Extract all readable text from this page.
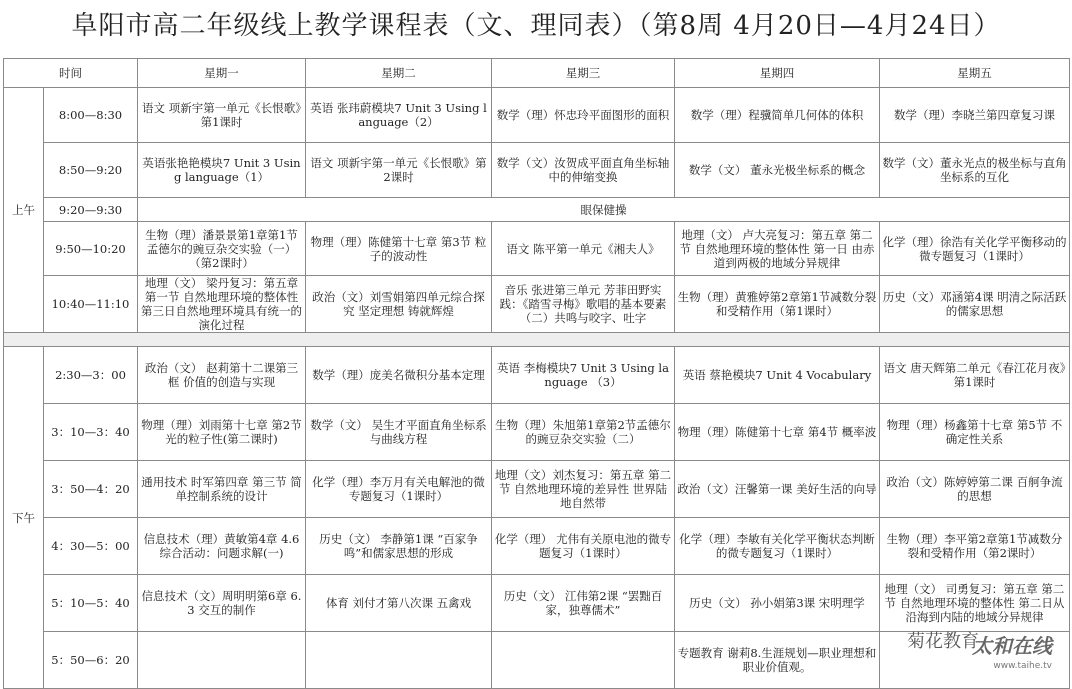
阜阳市高二年级线上教学课程表（文、理同表）（第8周 4月20日—4月24日）
时间		星期一	星期二	星期三	星期四	星期五
上午	8:00—8:30	语文 项新宇第一单元《长恨歌》第1课时	英语 张玮蔚模块7 Unit 3 Using language（2）	数学（理）怀忠玲平面图形的面积	数学（理）程骥简单几何体的体积	数学（理）李晓兰第四章复习课
	8:50—9:20	英语张艳艳模块7 Unit 3 Using language（1）	语文 项新宇第一单元《长恨歌》第2课时	数学（文）汝贺成平面直角坐标轴中的伸缩变换	数学（文） 董永光极坐标系的概念	数学（文）董永光点的极坐标与直角坐标系的互化
	9:20—9:30	眼保健操				
	9:50—10:20	生物（理）潘景景第1章第1节孟德尔的豌豆杂交实验（一）（第2课时）	物理（理）陈健第十七章 第3节 粒子的波动性	语文 陈平第一单元《湘夫人》	地理（文） 卢大亮复习：第五章 第二节 自然地理环境的整体性 第一日 由赤道到两极的地域分异规律	化学（理）徐浩有关化学平衡移动的微专题复习（1课时）
	10:40—11:10	地理（文） 梁丹复习：第五章 第一节 自然地理环境的整体性 第三日自然地理环境具有统一的演化过程	政治（文）刘雪娟第四单元综合探究 坚定理想 铸就辉煌	音乐 张进第三单元 芳菲田野实践：《踏雪寻梅》歌唱的基本要素（二）共鸣与咬字、吐字	生物（理）黄雅婷第2章第1节减数分裂和受精作用（第1课时）	历史（文）邓涵第4课 明清之际活跃的儒家思想

下午	2:30—3：00	政治（文） 赵莉第十二课第三框 价值的创造与实现	数学（理）庞美名微积分基本定理	英语 李梅模块7 Unit 3 Using language （3）	英语 蔡艳模块7 Unit 4 Vocabulary	语文 唐天辉第二单元《春江花月夜》第1课时
	3：10—3：40	物理（理）刘雨第十七章 第2节 光的粒子性(第二课时)	数学（文） 吴生才平面直角坐标系与曲线方程	生物（理）朱旭第1章第2节孟德尔的豌豆杂交实验（二）	物理（理）陈健第十七章 第4节 概率波	物理（理）杨鑫第十七章 第5节 不确定性关系
	3：50—4：20	通用技术 时军第四章 第三节 简单控制系统的设计	化学（理）李万月有关电解池的微专题复习（1课时）	地理（文）刘杰复习：第五章 第二节 自然地理环境的差异性 世界陆地自然带	政治（文）汪馨第一课 美好生活的向导	政治（文）陈婷婷第二课 百舸争流的思想
	4：30—5：00	信息技术（理）黄敏第4章 4.6 综合活动：问题求解(一)	历史（文） 李静第1课 “百家争鸣”和儒家思想的形成	化学（理） 尤伟有关原电池的微专题复习（1课时）	化学（理）李敏有关化学平衡状态判断的微专题复习（1课时）	生物（理）李平第2章第1节减数分裂和受精作用（第2课时）
	5：10—5：40	信息技术（文）周明明第6章 6.3 交互的制作	体育 刘付才第八次课 五禽戏	历史（文） 江伟第2课 “罢黜百家，独尊儒术”	历史（文） 孙小娟第3课 宋明理学	地理（文） 司勇复习：第五章 第二节 自然地理环境的整体性 第二日从沿海到内陆的地域分异规律
	5：50—6：20				专题教育 谢莉8.生涯规划—职业理想和职业价值观。	
菊花教育
太和在线
www.taihe.tv
